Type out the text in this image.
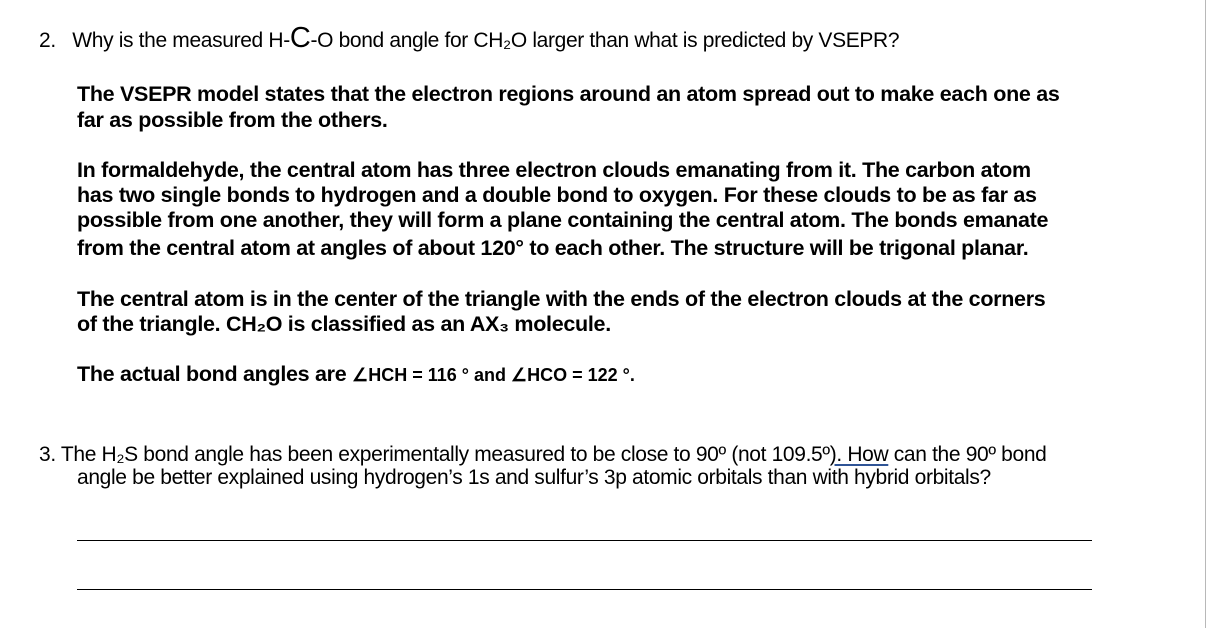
2. Why is the measured H-C-O bond angle for CH₂O larger than what is predicted by VSEPR?
The VSEPR model states that the electron regions around an atom spread out to make each one as
far as possible from the others.
In formaldehyde, the central atom has three electron clouds emanating from it. The carbon atom
has two single bonds to hydrogen and a double bond to oxygen. For these clouds to be as far as
possible from one another, they will form a plane containing the central atom. The bonds emanate
from the central atom at angles of about 120° to each other. The structure will be trigonal planar.
The central atom is in the center of the triangle with the ends of the electron clouds at the corners
of the triangle. CH₂O is classified as an AX₃ molecule.
The actual bond angles are ∠HCH = 116 ° and ∠HCO = 122 °.
3. The H₂S bond angle has been experimentally measured to be close to 90º (not 109.5º). How can the 90º bond
angle be better explained using hydrogen’s 1s and sulfur’s 3p atomic orbitals than with hybrid orbitals?
